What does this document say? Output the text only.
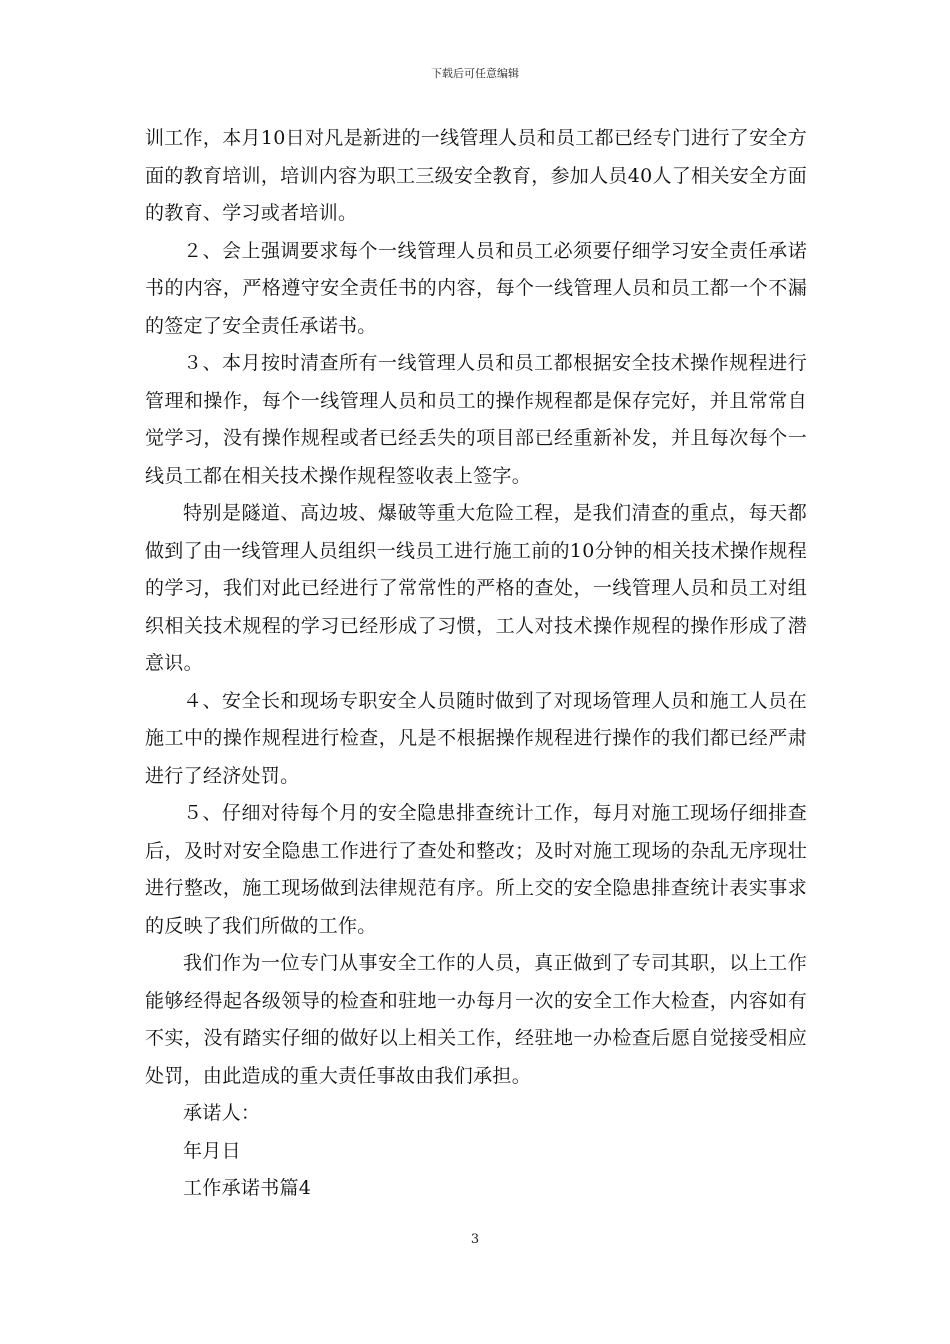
下载后可任意编辑

训工作，本月10日对凡是新进的一线管理人员和员工都已经专门进行了安全方面的教育培训，培训内容为职工三级安全教育，参加人员40人了相关安全方面的教育、学习或者培训。

２、会上强调要求每个一线管理人员和员工必须要仔细学习安全责任承诺书的内容，严格遵守安全责任书的内容，每个一线管理人员和员工都一个不漏的签定了安全责任承诺书。

３、本月按时清查所有一线管理人员和员工都根据安全技术操作规程进行管理和操作，每个一线管理人员和员工的操作规程都是保存完好，并且常常自觉学习，没有操作规程或者已经丢失的项目部已经重新补发，并且每次每个一线员工都在相关技术操作规程签收表上签字。

特别是隧道、高边坡、爆破等重大危险工程，是我们清查的重点，每天都做到了由一线管理人员组织一线员工进行施工前的10分钟的相关技术操作规程的学习，我们对此已经进行了常常性的严格的查处，一线管理人员和员工对组织相关技术规程的学习已经形成了习惯，工人对技术操作规程的操作形成了潜意识。

４、安全长和现场专职安全人员随时做到了对现场管理人员和施工人员在施工中的操作规程进行检查，凡是不根据操作规程进行操作的我们都已经严肃进行了经济处罚。

５、仔细对待每个月的安全隐患排查统计工作，每月对施工现场仔细排查后，及时对安全隐患工作进行了查处和整改；及时对施工现场的杂乱无序现壮进行整改，施工现场做到法律规范有序。所上交的安全隐患排查统计表实事求的反映了我们所做的工作。

我们作为一位专门从事安全工作的人员，真正做到了专司其职，以上工作能够经得起各级领导的检查和驻地一办每月一次的安全工作大检查，内容如有不实，没有踏实仔细的做好以上相关工作，经驻地一办检查后愿自觉接受相应处罚，由此造成的重大责任事故由我们承担。

承诺人：

年月日

工作承诺书篇4

3
